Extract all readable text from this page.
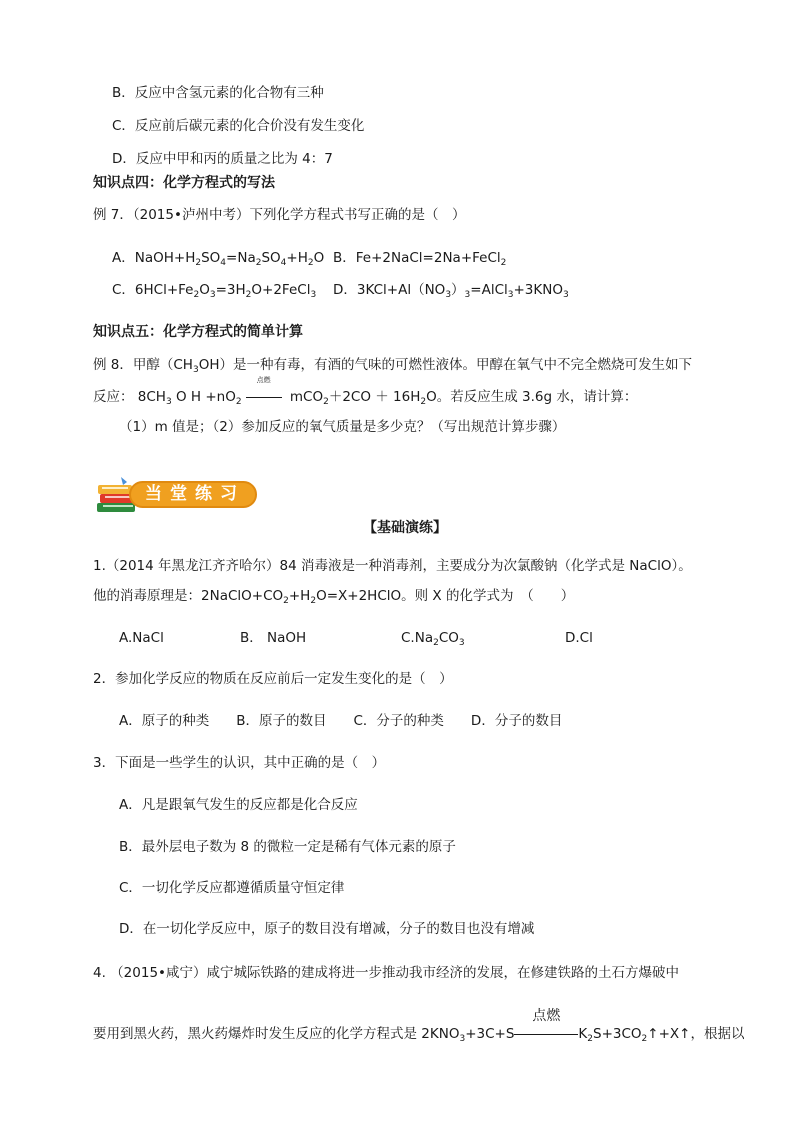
B．反应中含氢元素的化合物有三种
C．反应前后碳元素的化合价没有发生变化
D．反应中甲和丙的质量之比为 4：7
知识点四：化学方程式的写法
例 7．（2015•泸州中考）下列化学方程式书写正确的是（　）
A．$NaOH+H_2SO_4=Na_2SO_4+H_2O$ B．Fe+2NaCl=2Na+FeCl$_2$
C．$6HCl+Fe_2O_3=3H_2O+2FeCl_3$ D．$3KCl+Al(NO_3)_3=AlCl_3+3KNO_3$
知识点五：化学方程式的简单计算
例 8．甲醇$(CH_3OH)$是一种有毒，有酒的气味的可燃性液体。甲醇在氧气中不完全燃烧可发生如下
反应： $8CH_3$ O $H +nO_2$
点燃
$mCO_2+2CO + 16H_2O$。若反应生成 3.6g 水，请计算：
（1）m 值是；（2）参加反应的氧气质量是多少克？（写出规范计算步骤）
当堂练习
【基础演练】
1.（2014 年黑龙江齐齐哈尔）84 消毒液是一种消毒剂，主要成分为次氯酸钠（化学式是 NaClO）。
他的消毒原理是：$2NaClO+CO_2+H_2O=X+2HClO$。则 X 的化学式为　（　　）
A.NaCl	B． NaOH	$C.Na_2CO_3$	D.Cl
2．参加化学反应的物质在反应前后一定发生变化的是（　）
A．原子的种类　　B．原子的数目　　C．分子的种类　　D．分子的数目
3．下面是一些学生的认识，其中正确的是（　）
A．凡是跟氧气发生的反应都是化合反应
B．最外层电子数为 8 的微粒一定是稀有气体元素的原子
C．一切化学反应都遵循质量守恒定律
D．在一切化学反应中，原子的数目没有增减，分子的数目也没有增减
4. （2015•咸宁）咸宁城际铁路的建成将进一步推动我市经济的发展，在修建铁路的土石方爆破中
要用到黑火药，黑火药爆炸时发生反应的化学方程式是 $2KNO_3+3C+S$
点燃
$K_2S+3CO_2↑+X↑$，根据以
